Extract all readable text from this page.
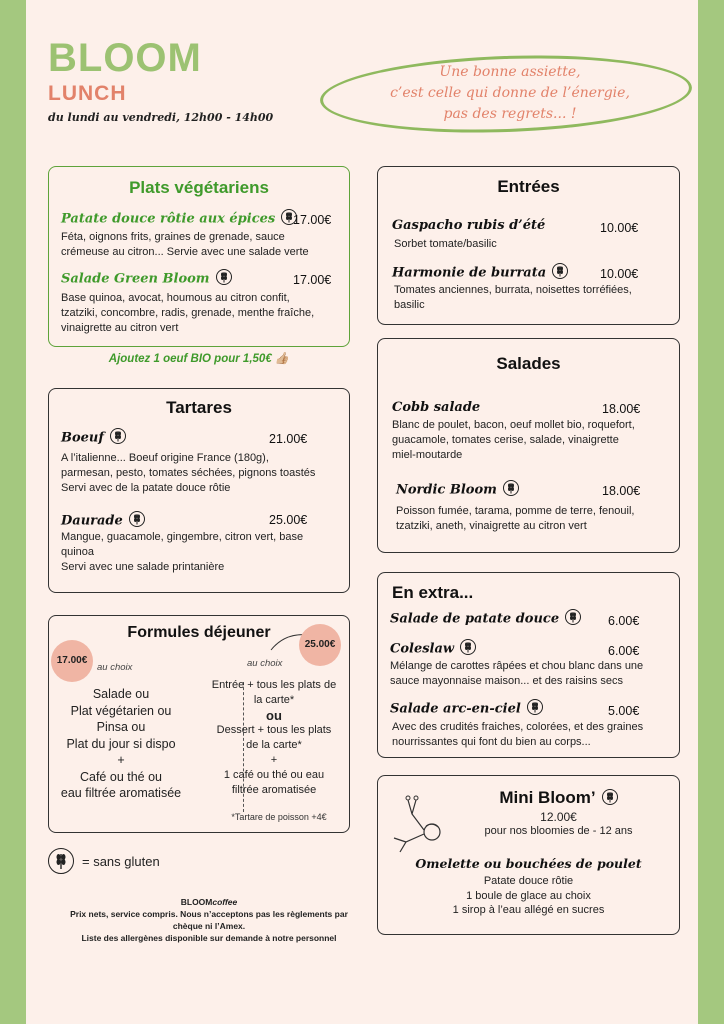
BLOOM
LUNCH
du lundi au vendredi, 12h00 - 14h00
Une bonne assiette,
c’est celle qui donne de l’énergie,
pas des regrets... !
Plats végétariens
Patate douce rôtie aux épices	17.00€
Féta, oignons frits, graines de grenade, sauce
crémeuse au citron... Servie avec une salade verte
Salade Green Bloom	17.00€
Base quinoa, avocat, houmous au citron confit,
tzatziki, concombre, radis, grenade, menthe fraîche,
vinaigrette au citron vert
Ajoutez 1 oeuf BIO pour 1,50€ 👍🏼
Tartares
Boeuf	21.00€
A l’italienne... Boeuf origine France (180g),
parmesan, pesto, tomates séchées, pignons toastés
Servi avec de la patate douce rôtie
Daurade	25.00€
Mangue, guacamole, gingembre, citron vert, base
quinoa
Servi avec une salade printanière
Formules déjeuner
17.00€
au choix
Salade ou
Plat végétarien ou
Pinsa ou
Plat du jour si dispo
+
Café ou thé ou
eau filtrée aromatisée
25.00€
au choix
Entrée + tous les plats de
la carte*
ou
Dessert + tous les plats
de la carte*
+
1 café ou thé ou eau
filtrée aromatisée
*Tartare de poisson +4€
= sans gluten
BLOOMcoffee
Prix nets, service compris. Nous n’acceptons pas les règlements par
chèque ni l’Amex.
Liste des allergènes disponible sur demande à notre personnel
Entrées
Gaspacho rubis d’été	10.00€
Sorbet tomate/basilic
Harmonie de burrata	10.00€
Tomates anciennes, burrata, noisettes torréfiées,
basilic
Salades
Cobb salade	18.00€
Blanc de poulet, bacon, oeuf mollet bio, roquefort,
guacamole, tomates cerise, salade, vinaigrette
miel-moutarde
Nordic Bloom	18.00€
Poisson fumée, tarama, pomme de terre, fenouil,
tzatziki, aneth, vinaigrette au citron vert
En extra...
Salade de patate douce	6.00€
Coleslaw	6.00€
Mélange de carottes râpées et chou blanc dans une
sauce mayonnaise maison... et des raisins secs
Salade arc-en-ciel	5.00€
Avec des crudités fraiches, colorées, et des graines
nourrissantes qui font du bien au corps...
Mini Bloom’
12.00€
pour nos bloomies de - 12 ans
Omelette ou bouchées de poulet
Patate douce rôtie
1 boule de glace au choix
1 sirop à l’eau allégé en sucres
